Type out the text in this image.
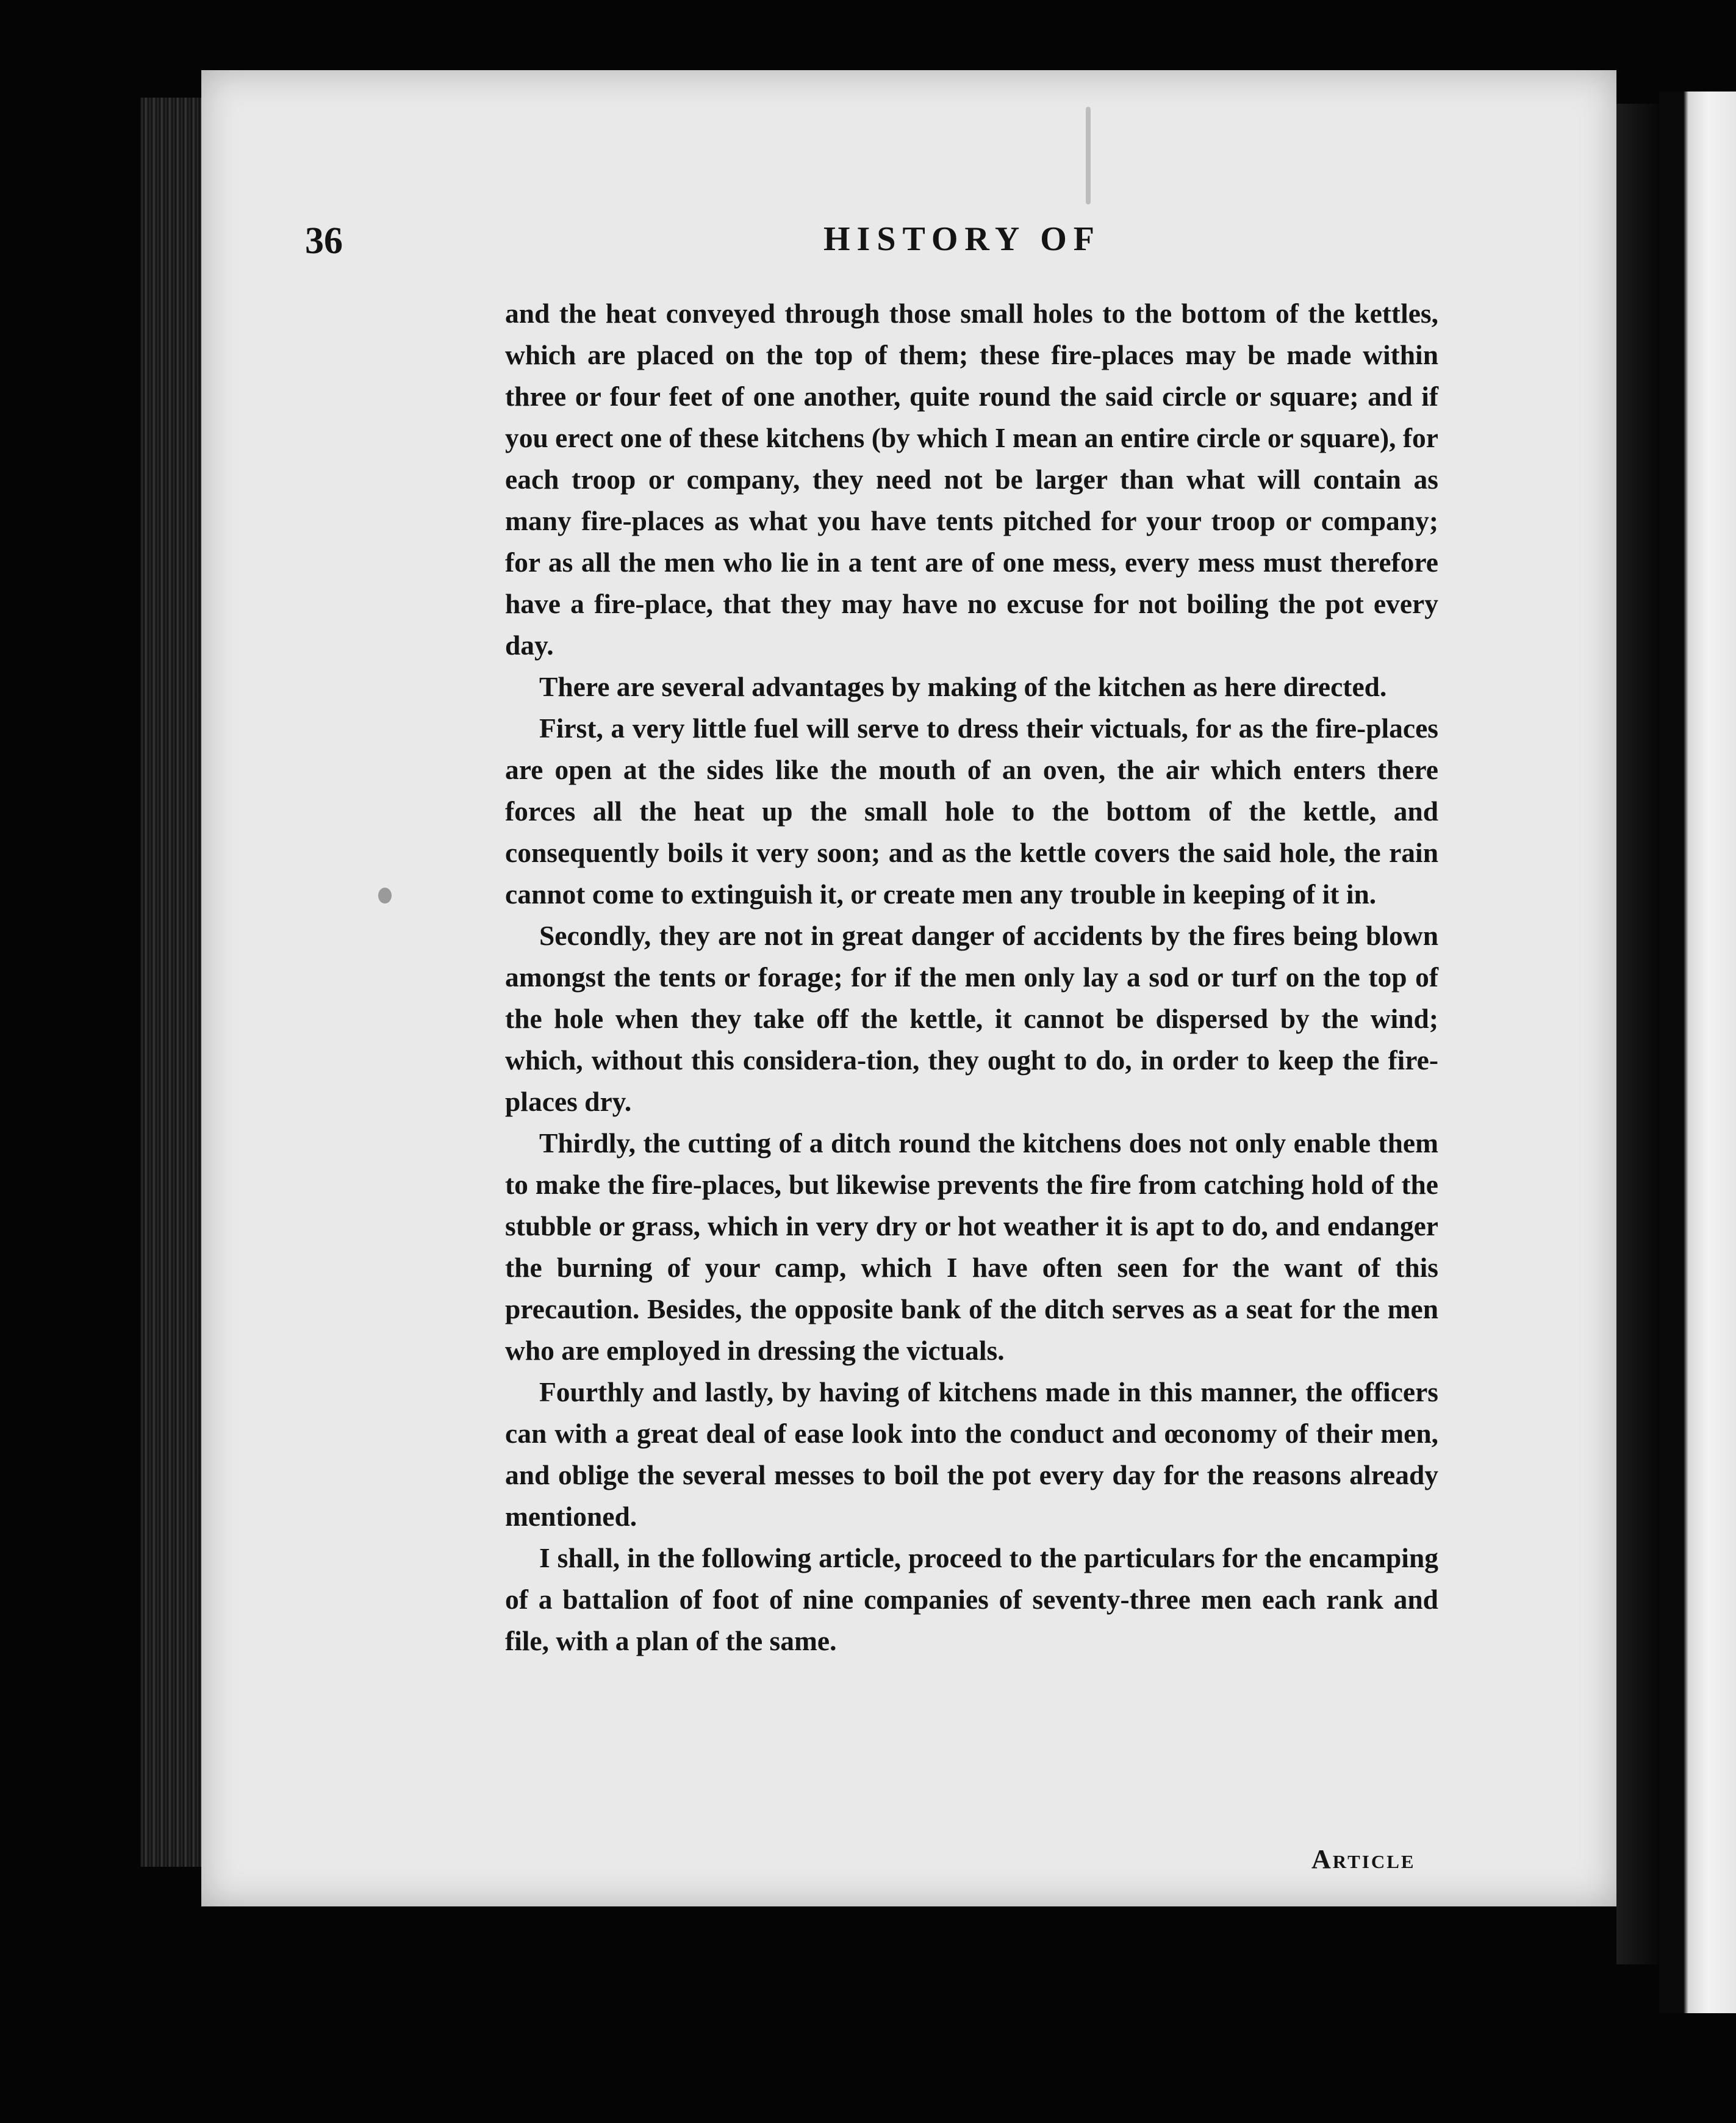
36	HISTORY OF

and the heat conveyed through those small holes to the bottom of the kettles, which are placed on the top of them; these fire-places may be made within three or four feet of one another, quite round the said circle or square; and if you erect one of these kitchens (by which I mean an entire circle or square), for each troop or company, they need not be larger than what will contain as many fire-places as what you have tents pitched for your troop or company; for as all the men who lie in a tent are of one mess, every mess must therefore have a fire-place, that they may have no excuse for not boiling the pot every day.

There are several advantages by making of the kitchen as here directed.

First, a very little fuel will serve to dress their victuals, for as the fire-places are open at the sides like the mouth of an oven, the air which enters there forces all the heat up the small hole to the bottom of the kettle, and consequently boils it very soon; and as the kettle covers the said hole, the rain cannot come to extinguish it, or create men any trouble in keeping of it in.

Secondly, they are not in great danger of accidents by the fires being blown amongst the tents or forage; for if the men only lay a sod or turf on the top of the hole when they take off the kettle, it cannot be dispersed by the wind; which, without this considera-tion, they ought to do, in order to keep the fire-places dry.

Thirdly, the cutting of a ditch round the kitchens does not only enable them to make the fire-places, but likewise prevents the fire from catching hold of the stubble or grass, which in very dry or hot weather it is apt to do, and endanger the burning of your camp, which I have often seen for the want of this precaution. Besides, the opposite bank of the ditch serves as a seat for the men who are employed in dressing the victuals.

Fourthly and lastly, by having of kitchens made in this manner, the officers can with a great deal of ease look into the conduct and œconomy of their men, and oblige the several messes to boil the pot every day for the reasons already mentioned.

I shall, in the following article, proceed to the particulars for the encamping of a battalion of foot of nine companies of seventy-three men each rank and file, with a plan of the same.

Article
